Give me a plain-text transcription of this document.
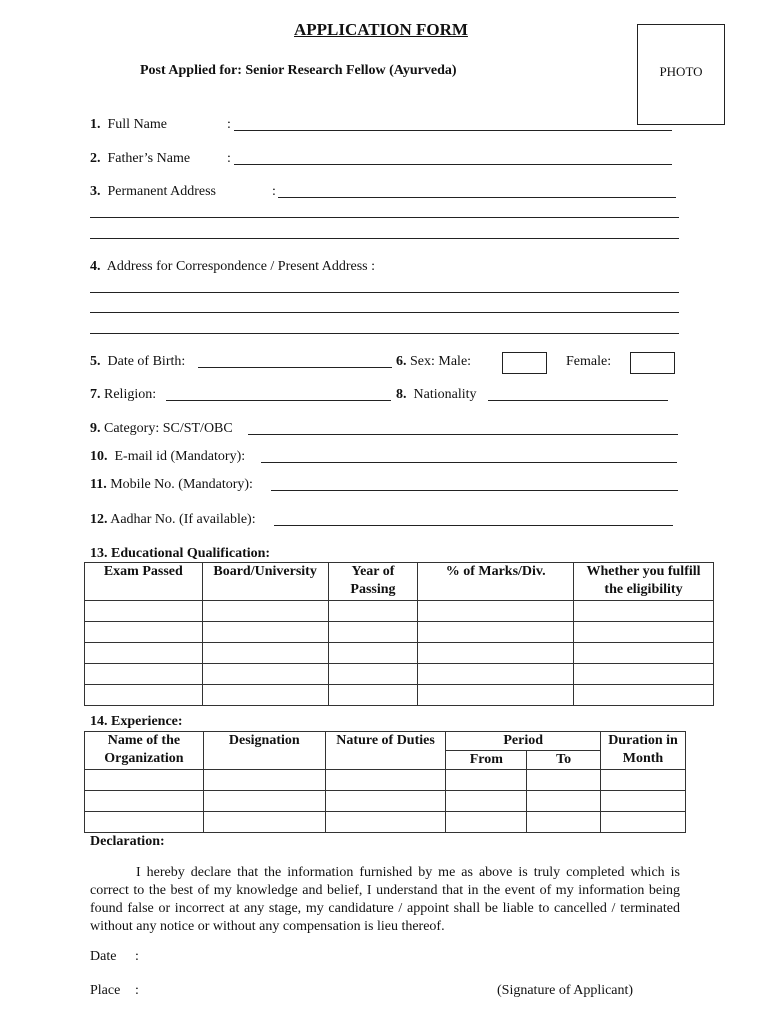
APPLICATION FORM
Post Applied for: Senior Research Fellow (Ayurveda)	PHOTO
1. Full Name	:
2. Father’s Name	:
3. Permanent Address	:
4. Address for Correspondence / Present Address :
5. Date of Birth:	6. Sex: Male:	Female:
7. Religion:	8. Nationality
9. Category: SC/ST/OBC
10. E-mail id (Mandatory):
11. Mobile No. (Mandatory):
12. Aadhar No. (If available):
13. Educational Qualification:
Exam Passed	Board/University	Year of Passing	% of Marks/Div.	Whether you fulfill the eligibility

14. Experience:
Name of the Organization	Designation	Nature of Duties	Period		Duration in Month

			From	To	

Declaration:
I hereby declare that the information furnished by me as above is truly completed which is correct to the best of my knowledge and belief, I understand that in the event of my information being found false or incorrect at any stage, my candidature / appoint shall be liable to cancelled / terminated without any notice or without any compensation is lieu thereof.
Date :
Place :	(Signature of Applicant)
